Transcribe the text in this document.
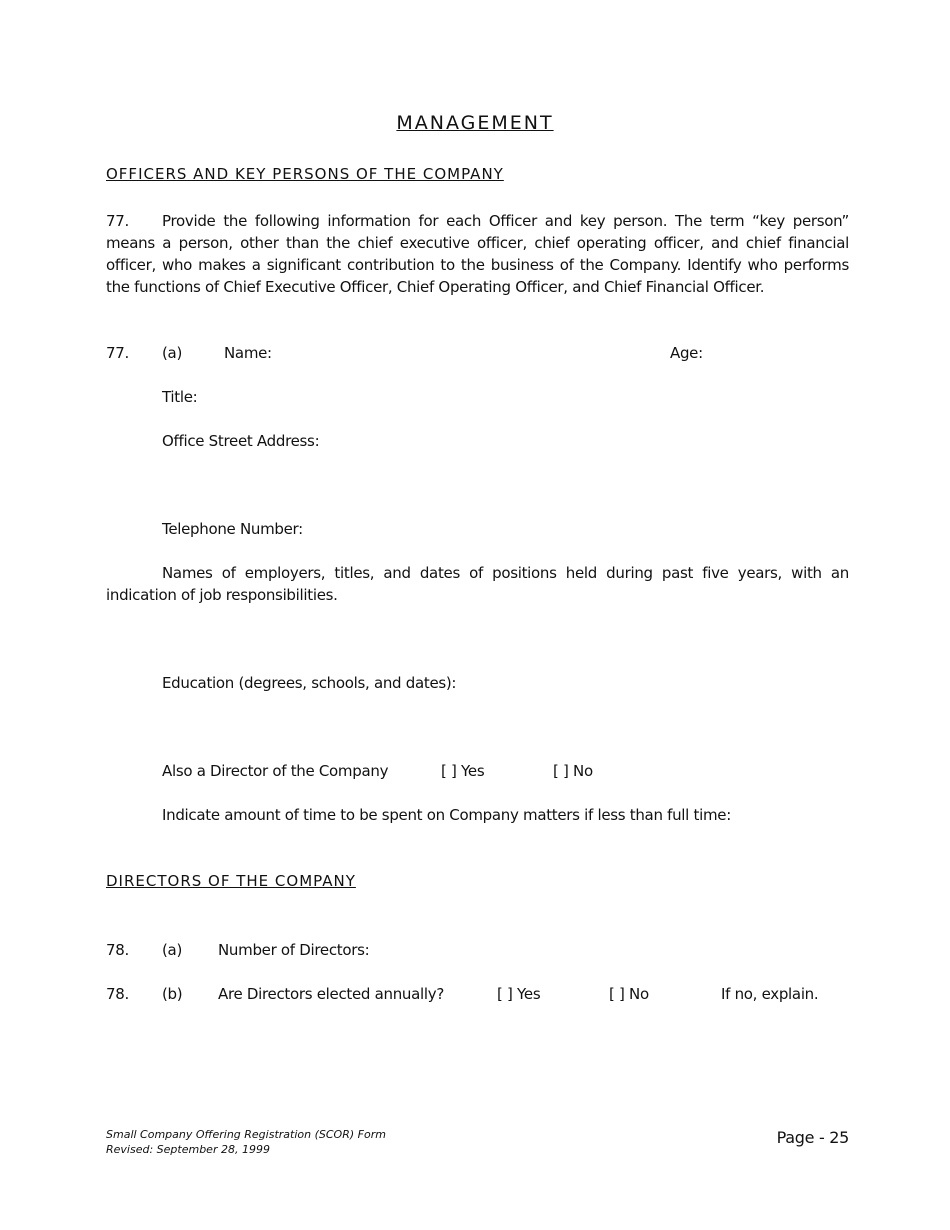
MANAGEMENT
OFFICERS AND KEY PERSONS OF THE COMPANY
77. Provide the following information for each Officer and key person. The term “key person” means a person, other than the chief executive officer, chief operating officer, and chief financial officer, who makes a significant contribution to the business of the Company. Identify who performs the functions of Chief Executive Officer, Chief Operating Officer, and Chief Financial Officer.
77. (a)	Name:	Age:
Title:
Office Street Address:
Telephone Number:
Names of employers, titles, and dates of positions held during past five years, with an indication of job responsibilities.
Education (degrees, schools, and dates):
Also a Director of the Company	[ ] Yes	[ ] No
Indicate amount of time to be spent on Company matters if less than full time:
DIRECTORS OF THE COMPANY
78. (a) Number of Directors:
78. (b) Are Directors elected annually?	[ ] Yes	[ ] No	If no, explain.
Small Company Offering Registration (SCOR) Form
Revised: September 28, 1999
Page - 25
